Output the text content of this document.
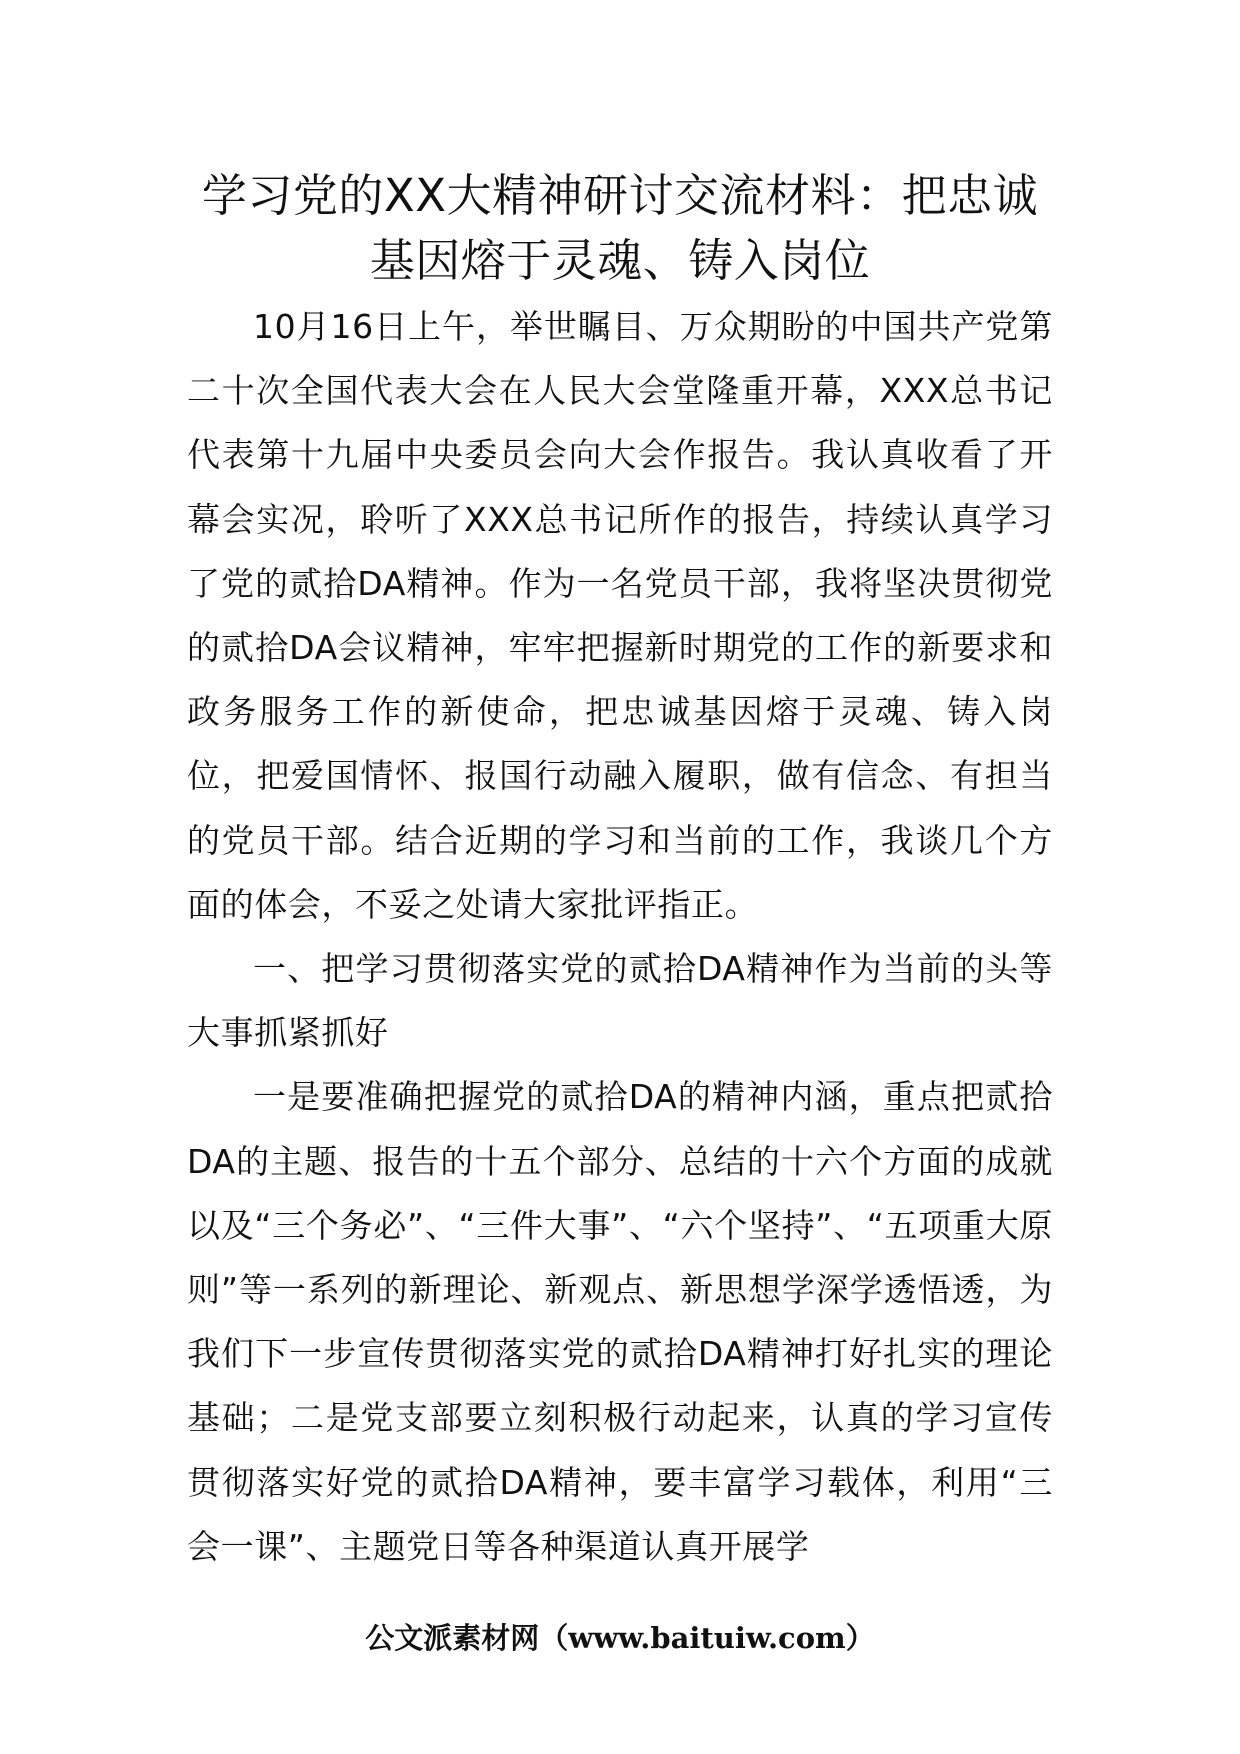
学习党的XX大精神研讨交流材料：把忠诚
基因熔于灵魂、铸入岗位

10月16日上午，举世瞩目、万众期盼的中国共产党第二十次全国代表大会在人民大会堂隆重开幕，XXX总书记代表第十九届中央委员会向大会作报告。我认真收看了开幕会实况，聆听了XXX总书记所作的报告，持续认真学习了党的贰拾DA精神。作为一名党员干部，我将坚决贯彻党的贰拾DA会议精神，牢牢把握新时期党的工作的新要求和政务服务工作的新使命，把忠诚基因熔于灵魂、铸入岗位，把爱国情怀、报国行动融入履职，做有信念、有担当的党员干部。结合近期的学习和当前的工作，我谈几个方面的体会，不妥之处请大家批评指正。

一、把学习贯彻落实党的贰拾DA精神作为当前的头等大事抓紧抓好

一是要准确把握党的贰拾DA的精神内涵，重点把贰拾DA的主题、报告的十五个部分、总结的十六个方面的成就以及“三个务必”、“三件大事”、“六个坚持”、“五项重大原则”等一系列的新理论、新观点、新思想学深学透悟透，为我们下一步宣传贯彻落实党的贰拾DA精神打好扎实的理论基础；二是党支部要立刻积极行动起来，认真的学习宣传贯彻落实好党的贰拾DA精神，要丰富学习载体，利用“三会一课”、主题党日等各种渠道认真开展学

公文派素材网（www.baituiw.com）
